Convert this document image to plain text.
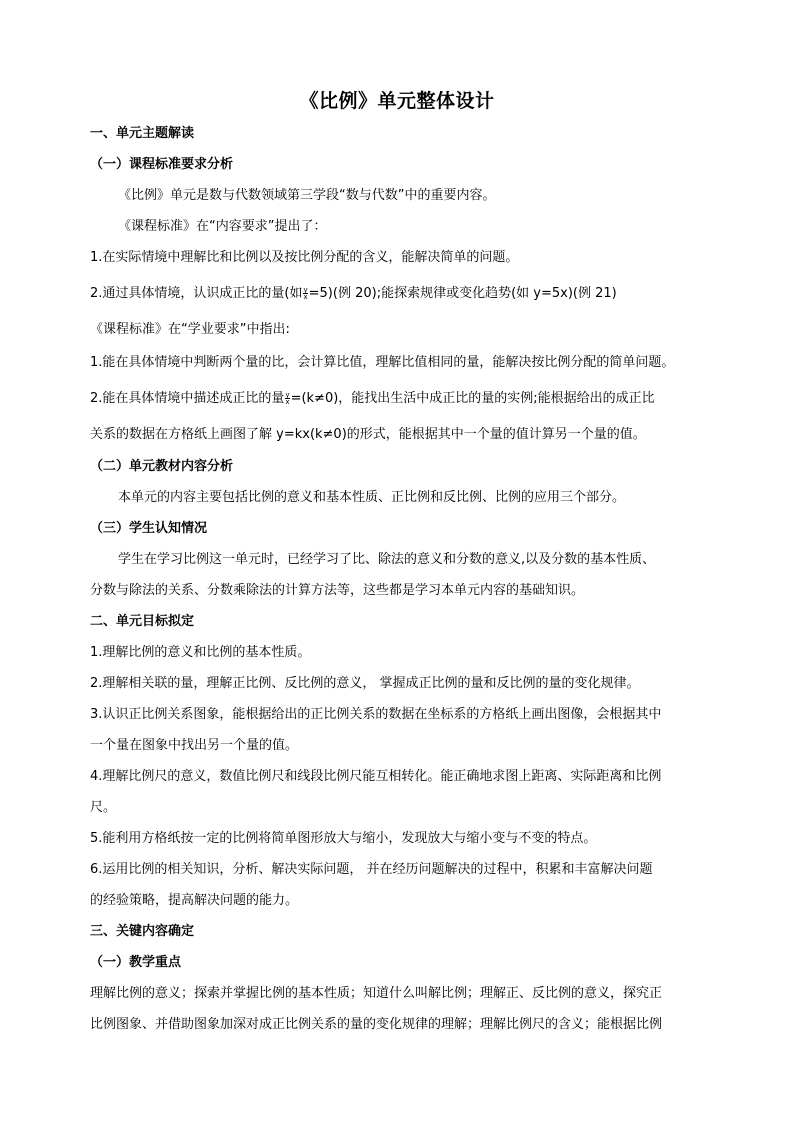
《比例》单元整体设计
一、单元主题解读
（一）课程标准要求分析
《比例》单元是数与代数领域第三学段“数与代数”中的重要内容。
《课程标准》在“内容要求”提出了：
1.在实际情境中理解比和比例以及按比例分配的含义，能解决简单的问题。
2.通过具体情境，认识成正比的量(如 $\frac{y}{x} =5$)(例 20);能探索规律或变化趋势(如 y=5x)(例 21)
《课程标准》在“学业要求”中指出:
1.能在具体情境中判断两个量的比，会计算比值，理解比值相同的量，能解决按比例分配的简单问题。
2.能在具体情境中描述成正比的量 $\frac{y}{x} =(k\ne 0)$，能找出生活中成正比的量的实例;能根据给出的成正比
关系的数据在方格纸上画图了解 y=kx(k≠0)的形式，能根据其中一个量的值计算另一个量的值。
（二）单元教材内容分析
本单元的内容主要包括比例的意义和基本性质、正比例和反比例、比例的应用三个部分。
（三）学生认知情况
学生在学习比例这一单元时，已经学习了比、除法的意义和分数的意义,以及分数的基本性质、
分数与除法的关系、分数乘除法的计算方法等，这些都是学习本单元内容的基础知识。
二、单元目标拟定
1.理解比例的意义和比例的基本性质。
2.理解相关联的量，理解正比例、反比例的意义， 掌握成正比例的量和反比例的量的变化规律。
3.认识正比例关系图象，能根据给出的正比例关系的数据在坐标系的方格纸上画出图像，会根据其中
一个量在图象中找出另一个量的值。
4.理解比例尺的意义，数值比例尺和线段比例尺能互相转化。能正确地求图上距离、实际距离和比例
尺。
5.能利用方格纸按一定的比例将简单图形放大与缩小，发现放大与缩小变与不变的特点。
6.运用比例的相关知识，分析、解决实际问题， 并在经历问题解决的过程中，积累和丰富解决问题
的经验策略，提高解决问题的能力。
三、关键内容确定
（一）教学重点
理解比例的意义；探索并掌握比例的基本性质；知道什么叫解比例；理解正、反比例的意义，探究正
比例图象、并借助图象加深对成正比例关系的量的变化规律的理解；理解比例尺的含义；能根据比例
